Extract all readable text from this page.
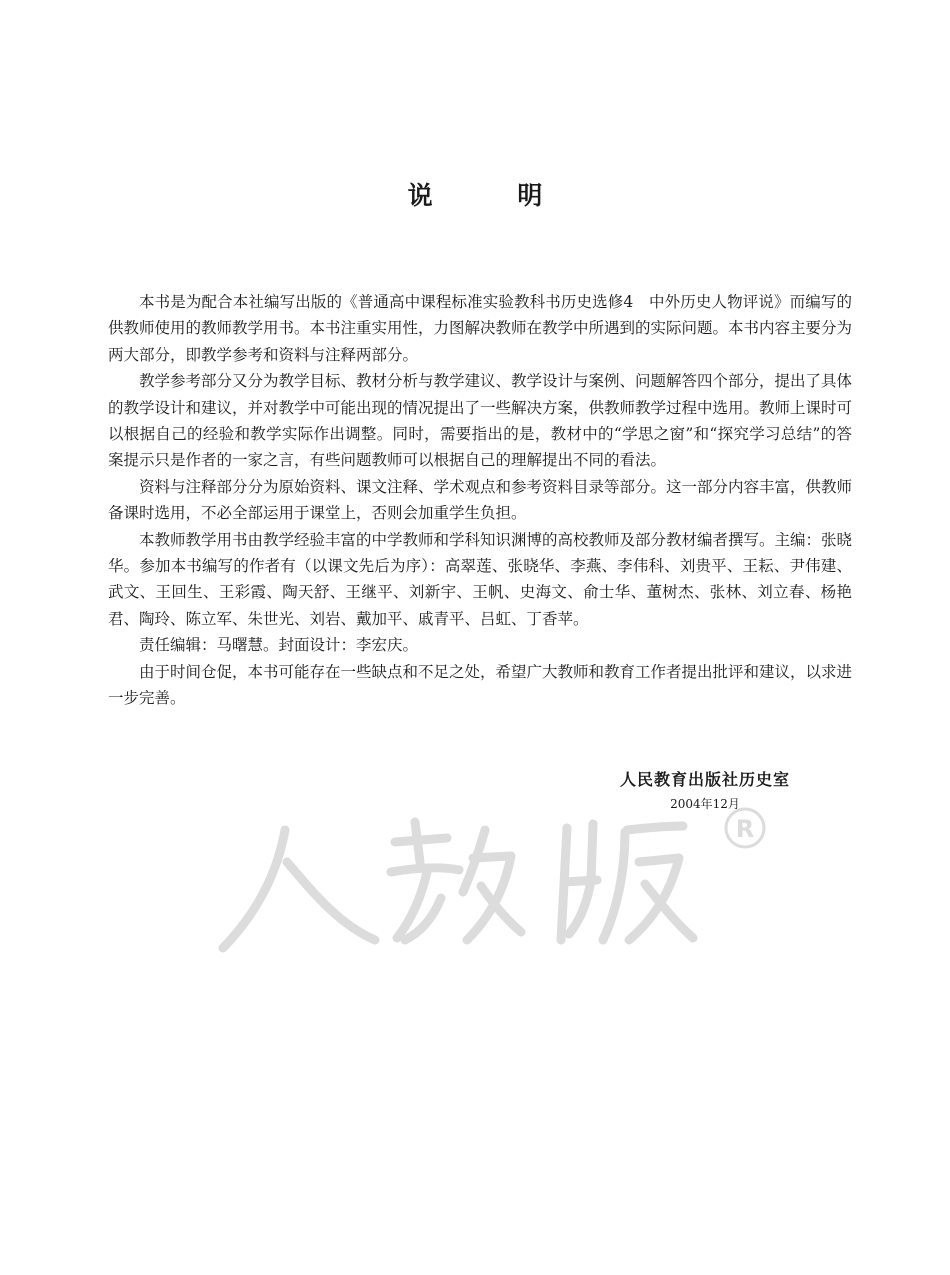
说 明

本书是为配合本社编写出版的《普通高中课程标准实验教科书历史选修4　中外历史人物评说》而编写的供教师使用的教师教学用书。本书注重实用性，力图解决教师在教学中所遇到的实际问题。本书内容主要分为两大部分，即教学参考和资料与注释两部分。

教学参考部分又分为教学目标、教材分析与教学建议、教学设计与案例、问题解答四个部分，提出了具体的教学设计和建议，并对教学中可能出现的情况提出了一些解决方案，供教师教学过程中选用。教师上课时可以根据自己的经验和教学实际作出调整。同时，需要指出的是，教材中的“学思之窗”和“探究学习总结”的答案提示只是作者的一家之言，有些问题教师可以根据自己的理解提出不同的看法。

资料与注释部分分为原始资料、课文注释、学术观点和参考资料目录等部分。这一部分内容丰富，供教师备课时选用，不必全部运用于课堂上，否则会加重学生负担。

本教师教学用书由教学经验丰富的中学教师和学科知识渊博的高校教师及部分教材编者撰写。主编：张晓华。参加本书编写的作者有（以课文先后为序）：高翠莲、张晓华、李燕、李伟科、刘贵平、王耘、尹伟建、武文、王回生、王彩霞、陶天舒、王继平、刘新宇、王帆、史海文、俞士华、董树杰、张林、刘立春、杨艳君、陶玲、陈立军、朱世光、刘岩、戴加平、戚青平、吕虹、丁香苹。

责任编辑：马曙慧。封面设计：李宏庆。

由于时间仓促，本书可能存在一些缺点和不足之处，希望广大教师和教育工作者提出批评和建议，以求进一步完善。

人民教育出版社历史室
2004年12月
R
